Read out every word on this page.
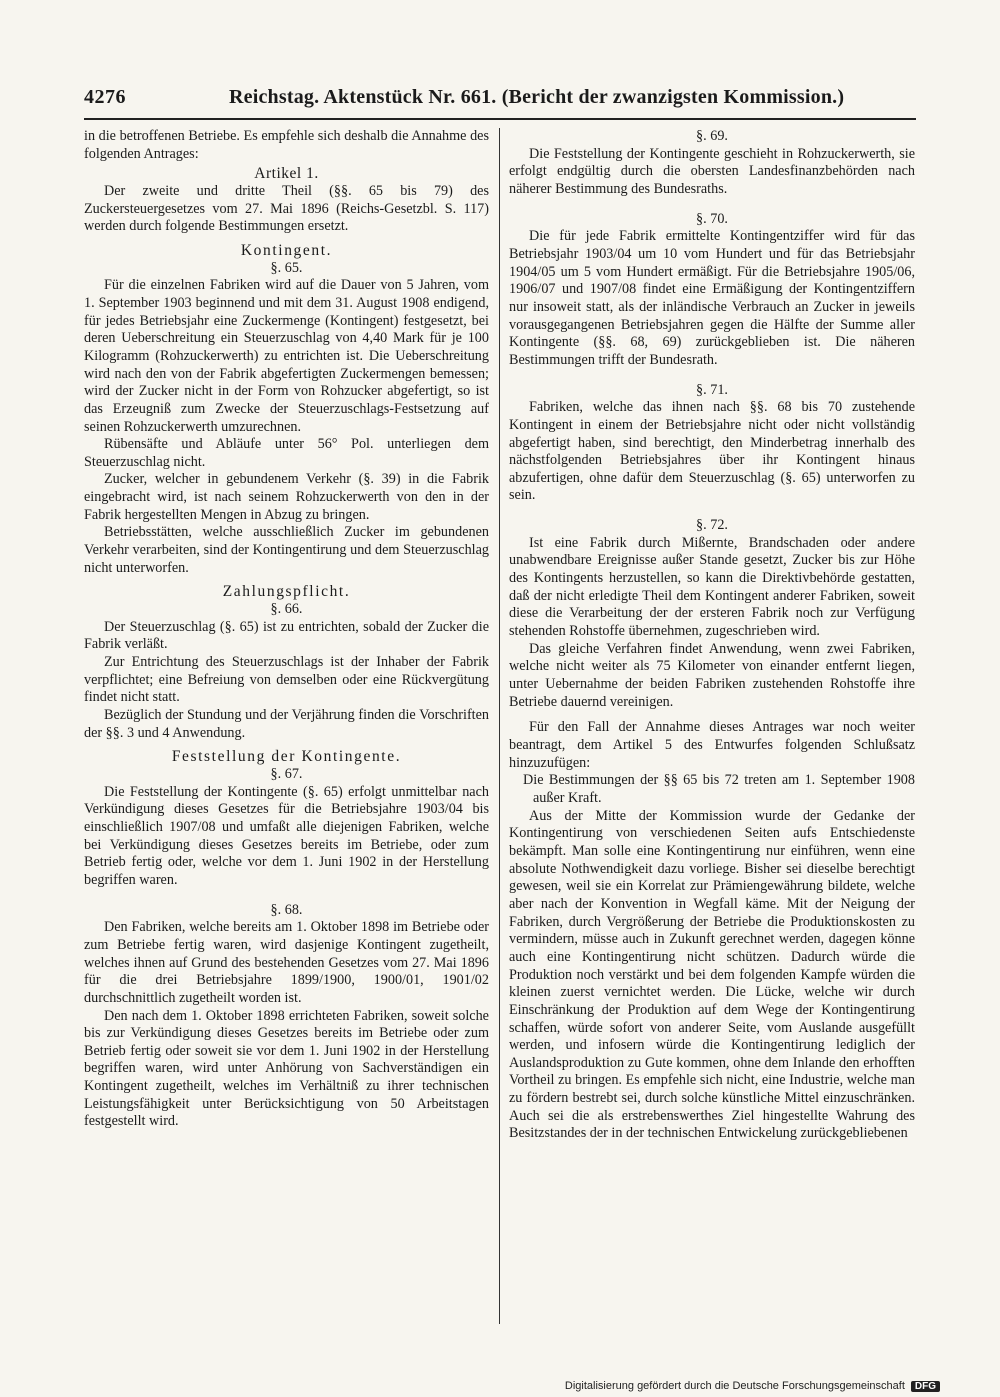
4276	Reichstag. Aktenstück Nr. 661. (Bericht der zwanzigsten Kommission.)

in die betroffenen Betriebe. Es empfehle sich deshalb die Annahme des folgenden Antrages:

Artikel 1.

Der zweite und dritte Theil (§§. 65 bis 79) des Zuckersteuergesetzes vom 27. Mai 1896 (Reichs-Gesetzbl. S. 117) werden durch folgende Bestimmungen ersetzt.

Kontingent.
§. 65.

Für die einzelnen Fabriken wird auf die Dauer von 5 Jahren, vom 1. September 1903 beginnend und mit dem 31. August 1908 endigend, für jedes Betriebsjahr eine Zuckermenge (Kontingent) festgesetzt, bei deren Ueberschreitung ein Steuerzuschlag von 4,40 Mark für je 100 Kilogramm (Rohzuckerwerth) zu entrichten ist. Die Ueberschreitung wird nach den von der Fabrik abgefertigten Zuckermengen bemessen; wird der Zucker nicht in der Form von Rohzucker abgefertigt, so ist das Erzeugniß zum Zwecke der Steuerzuschlags-Festsetzung auf seinen Rohzuckerwerth umzurechnen.

Rübensäfte und Abläufe unter 56° Pol. unterliegen dem Steuerzuschlag nicht.

Zucker, welcher in gebundenem Verkehr (§. 39) in die Fabrik eingebracht wird, ist nach seinem Rohzuckerwerth von den in der Fabrik hergestellten Mengen in Abzug zu bringen.

Betriebsstätten, welche ausschließlich Zucker im gebundenen Verkehr verarbeiten, sind der Kontingentirung und dem Steuerzuschlag nicht unterworfen.

Zahlungspflicht.
§. 66.

Der Steuerzuschlag (§. 65) ist zu entrichten, sobald der Zucker die Fabrik verläßt.

Zur Entrichtung des Steuerzuschlags ist der Inhaber der Fabrik verpflichtet; eine Befreiung von demselben oder eine Rückvergütung findet nicht statt.

Bezüglich der Stundung und der Verjährung finden die Vorschriften der §§. 3 und 4 Anwendung.

Feststellung der Kontingente.
§. 67.

Die Feststellung der Kontingente (§. 65) erfolgt unmittelbar nach Verkündigung dieses Gesetzes für die Betriebsjahre 1903/04 bis einschließlich 1907/08 und umfaßt alle diejenigen Fabriken, welche bei Verkündigung dieses Gesetzes bereits im Betriebe, oder zum Betrieb fertig oder, welche vor dem 1. Juni 1902 in der Herstellung begriffen waren.

§. 68.

Den Fabriken, welche bereits am 1. Oktober 1898 im Betriebe oder zum Betriebe fertig waren, wird dasjenige Kontingent zugetheilt, welches ihnen auf Grund des bestehenden Gesetzes vom 27. Mai 1896 für die drei Betriebsjahre 1899/1900, 1900/01, 1901/02 durchschnittlich zugetheilt worden ist.

Den nach dem 1. Oktober 1898 errichteten Fabriken, soweit solche bis zur Verkündigung dieses Gesetzes bereits im Betriebe oder zum Betrieb fertig oder soweit sie vor dem 1. Juni 1902 in der Herstellung begriffen waren, wird unter Anhörung von Sachverständigen ein Kontingent zugetheilt, welches im Verhältniß zu ihrer technischen Leistungsfähigkeit unter Berücksichtigung von 50 Arbeitstagen festgestellt wird.

§. 69.

Die Feststellung der Kontingente geschieht in Rohzuckerwerth, sie erfolgt endgültig durch die obersten Landesfinanzbehörden nach näherer Bestimmung des Bundesraths.

§. 70.

Die für jede Fabrik ermittelte Kontingentziffer wird für das Betriebsjahr 1903/04 um 10 vom Hundert und für das Betriebsjahr 1904/05 um 5 vom Hundert ermäßigt. Für die Betriebsjahre 1905/06, 1906/07 und 1907/08 findet eine Ermäßigung der Kontingentziffern nur insoweit statt, als der inländische Verbrauch an Zucker in jeweils vorausgegangenen Betriebsjahren gegen die Hälfte der Summe aller Kontingente (§§. 68, 69) zurückgeblieben ist. Die näheren Bestimmungen trifft der Bundesrath.

§. 71.

Fabriken, welche das ihnen nach §§. 68 bis 70 zustehende Kontingent in einem der Betriebsjahre nicht oder nicht vollständig abgefertigt haben, sind berechtigt, den Minderbetrag innerhalb des nächstfolgenden Betriebsjahres über ihr Kontingent hinaus abzufertigen, ohne dafür dem Steuerzuschlag (§. 65) unterworfen zu sein.

§. 72.

Ist eine Fabrik durch Mißernte, Brandschaden oder andere unabwendbare Ereignisse außer Stande gesetzt, Zucker bis zur Höhe des Kontingents herzustellen, so kann die Direktivbehörde gestatten, daß der nicht erledigte Theil dem Kontingent anderer Fabriken, soweit diese die Verarbeitung der der ersteren Fabrik noch zur Verfügung stehenden Rohstoffe übernehmen, zugeschrieben wird.

Das gleiche Verfahren findet Anwendung, wenn zwei Fabriken, welche nicht weiter als 75 Kilometer von einander entfernt liegen, unter Uebernahme der beiden Fabriken zustehenden Rohstoffe ihre Betriebe dauernd vereinigen.

Für den Fall der Annahme dieses Antrages war noch weiter beantragt, dem Artikel 5 des Entwurfes folgenden Schlußsatz hinzuzufügen:

Die Bestimmungen der §§ 65 bis 72 treten am 1. September 1908 außer Kraft.

Aus der Mitte der Kommission wurde der Gedanke der Kontingentirung von verschiedenen Seiten aufs Entschiedenste bekämpft. Man solle eine Kontingentirung nur einführen, wenn eine absolute Nothwendigkeit dazu vorliege. Bisher sei dieselbe berechtigt gewesen, weil sie ein Korrelat zur Prämiengewährung bildete, welche aber nach der Konvention in Wegfall käme. Mit der Neigung der Fabriken, durch Vergrößerung der Betriebe die Produktionskosten zu vermindern, müsse auch in Zukunft gerechnet werden, dagegen könne auch eine Kontingentirung nicht schützen. Dadurch würde die Produktion noch verstärkt und bei dem folgenden Kampfe würden die kleinen zuerst vernichtet werden. Die Lücke, welche wir durch Einschränkung der Produktion auf dem Wege der Kontingentirung schaffen, würde sofort von anderer Seite, vom Auslande ausgefüllt werden, und infosern würde die Kontingentirung lediglich der Auslandsproduktion zu Gute kommen, ohne dem Inlande den erhofften Vortheil zu bringen. Es empfehle sich nicht, eine Industrie, welche man zu fördern bestrebt sei, durch solche künstliche Mittel einzuschränken. Auch sei die als erstrebenswerthes Ziel hingestellte Wahrung des Besitzstandes der in der technischen Entwickelung zurückgebliebenen

Digitalisierung gefördert durch die Deutsche Forschungsgemeinschaft DFG
